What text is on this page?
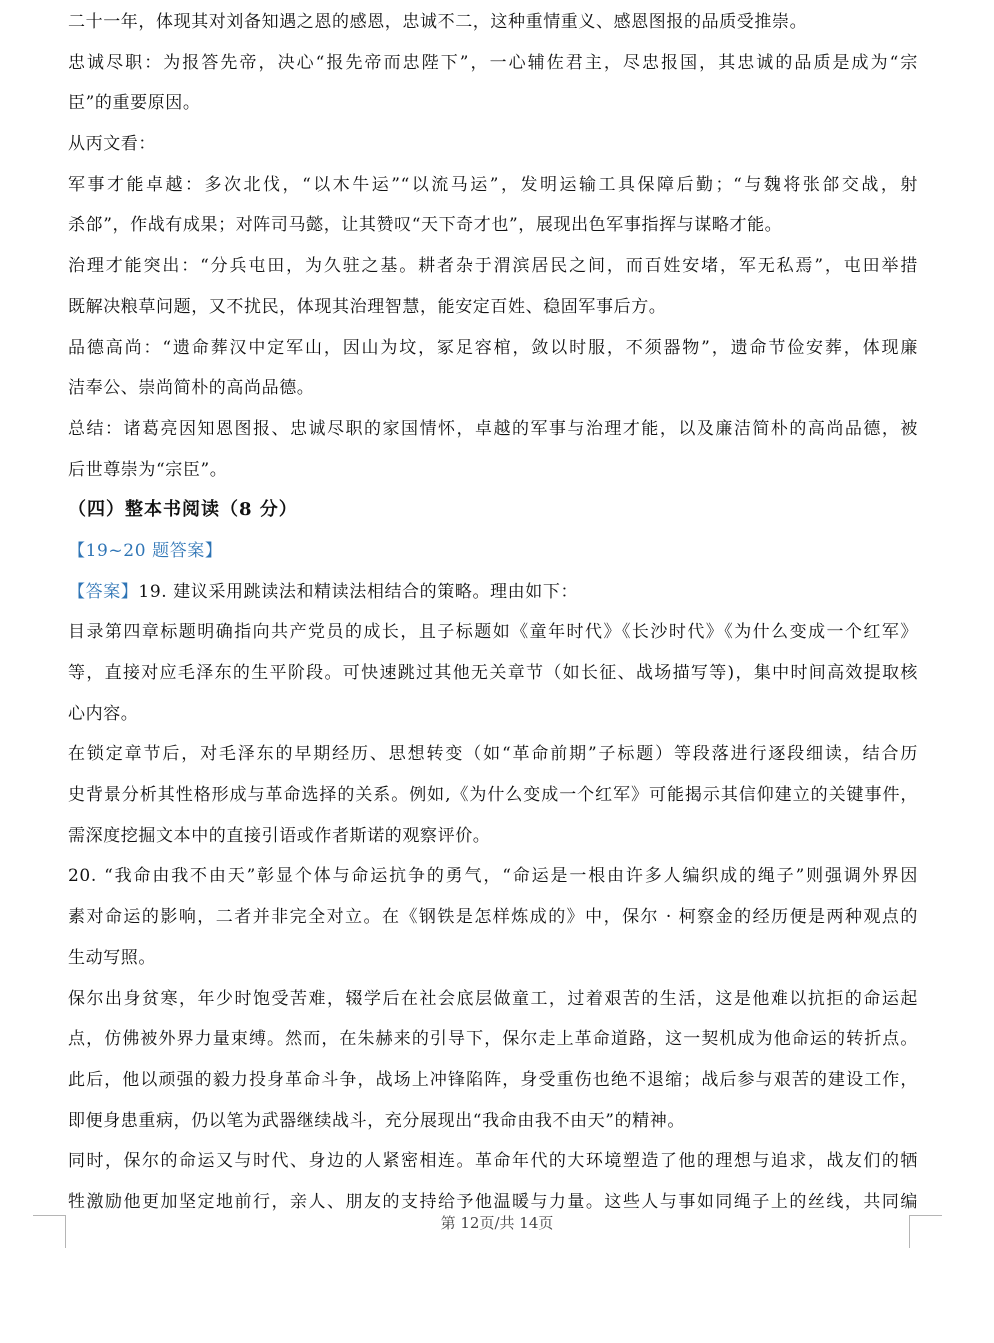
二十一年，体现其对刘备知遇之恩的感恩，忠诚不二，这种重情重义、感恩图报的品质受推崇。
忠诚尽职：为报答先帝，决心“报先帝而忠陛下”，一心辅佐君主，尽忠报国，其忠诚的品质是成为“宗
臣”的重要原因。
从丙文看：
军事才能卓越：多次北伐，“以木牛运”“以流马运”，发明运输工具保障后勤；“与魏将张郃交战，射
杀郃”，作战有成果；对阵司马懿，让其赞叹“天下奇才也”，展现出色军事指挥与谋略才能。
治理才能突出：“分兵屯田，为久驻之基。耕者杂于渭滨居民之间，而百姓安堵，军无私焉”，屯田举措
既解决粮草问题，又不扰民，体现其治理智慧，能安定百姓、稳固军事后方。
品德高尚：“遗命葬汉中定军山，因山为坟，冢足容棺，敛以时服，不须器物”，遗命节俭安葬，体现廉
洁奉公、崇尚简朴的高尚品德。
总结：诸葛亮因知恩图报、忠诚尽职的家国情怀，卓越的军事与治理才能，以及廉洁简朴的高尚品德，被
后世尊崇为“宗臣”。
（四）整本书阅读（8 分）
【19~20 题答案】
【答案】19. 建议采用跳读法和精读法相结合的策略。理由如下：
目录第四章标题明确指向共产党员的成长，且子标题如《童年时代》《长沙时代》《为什么变成一个红军》
等，直接对应毛泽东的生平阶段。可快速跳过其他无关章节（如长征、战场描写等)，集中时间高效提取核
心内容。
在锁定章节后，对毛泽东的早期经历、思想转变（如“革命前期”子标题）等段落进行逐段细读，结合历
史背景分析其性格形成与革命选择的关系。例如,《为什么变成一个红军》可能揭示其信仰建立的关键事件，
需深度挖掘文本中的直接引语或作者斯诺的观察评价。
20. “我命由我不由天”彰显个体与命运抗争的勇气，“命运是一根由许多人编织成的绳子”则强调外界因
素对命运的影响，二者并非完全对立。在《钢铁是怎样炼成的》中，保尔 · 柯察金的经历便是两种观点的
生动写照。
保尔出身贫寒，年少时饱受苦难，辍学后在社会底层做童工，过着艰苦的生活，这是他难以抗拒的命运起
点，仿佛被外界力量束缚。然而，在朱赫来的引导下，保尔走上革命道路，这一契机成为他命运的转折点。
此后，他以顽强的毅力投身革命斗争，战场上冲锋陷阵，身受重伤也绝不退缩；战后参与艰苦的建设工作，
即便身患重病，仍以笔为武器继续战斗，充分展现出“我命由我不由天”的精神。
同时，保尔的命运又与时代、身边的人紧密相连。革命年代的大环境塑造了他的理想与追求，战友们的牺
牲激励他更加坚定地前行，亲人、朋友的支持给予他温暖与力量。这些人与事如同绳子上的丝线，共同编
第 12页/共 14页
